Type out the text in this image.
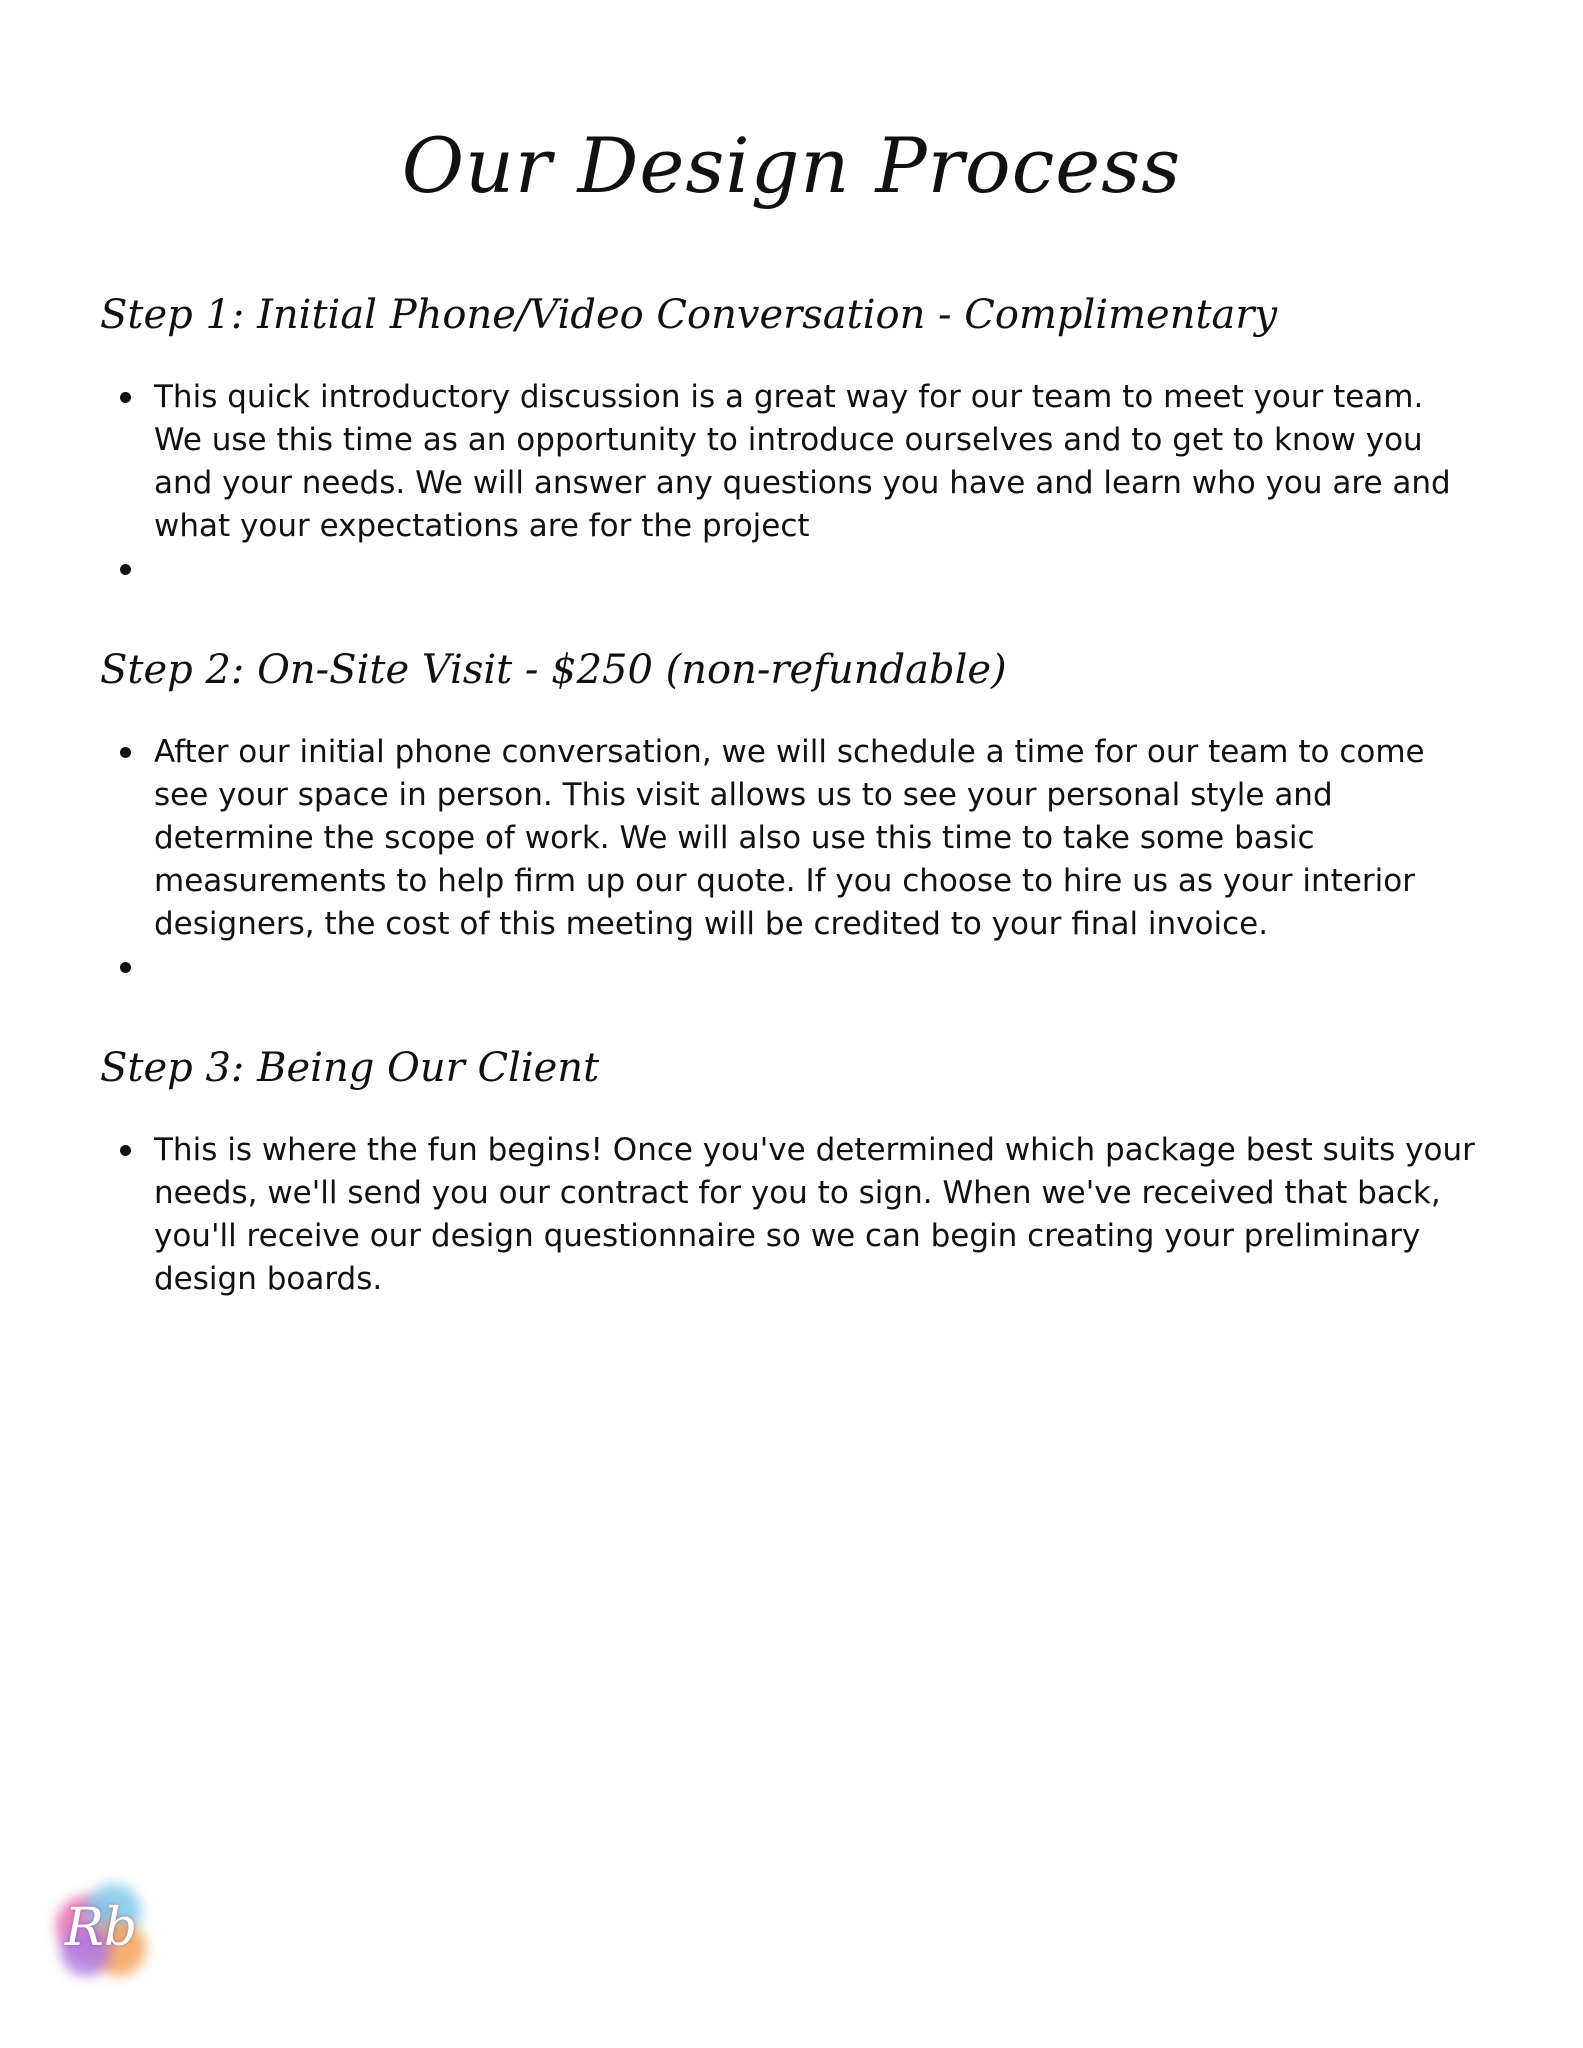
Our Design Process
Step 1: Initial Phone/Video Conversation - Complimentary
This quick introductory discussion is a great way for our team to meet your team. We use this time as an opportunity to introduce ourselves and to get to know you and your needs. We will answer any questions you have and learn who you are and what your expectations are for the project
Step 2: On-Site Visit - $250 (non-refundable)
After our initial phone conversation, we will schedule a time for our team to come see your space in person. This visit allows us to see your personal style and determine the scope of work. We will also use this time to take some basic measurements to help firm up our quote. If you choose to hire us as your interior designers, the cost of this meeting will be credited to your final invoice.
Step 3: Being Our Client
This is where the fun begins! Once you've determined which package best suits your needs, we'll send you our contract for you to sign. When we've received that back, you'll receive our design questionnaire so we can begin creating your preliminary design boards.
Rb
